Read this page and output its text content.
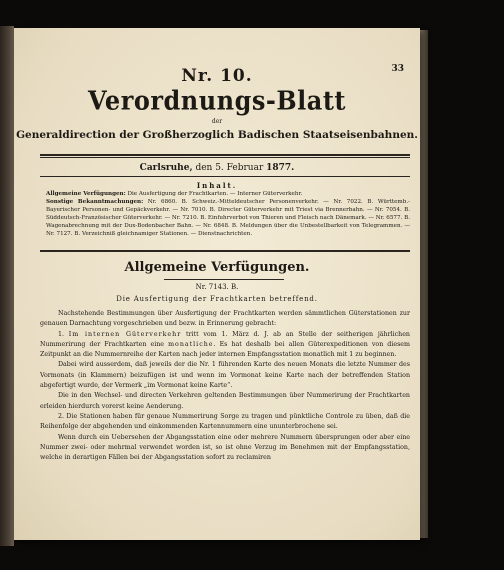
33
Nr. 10.
Verordnungs-Blatt
der
Generaldirection der Großherzoglich Badischen Staatseisenbahnen.
Carlsruhe, den 5. Februar 1877.
Inhalt.
Allgemeine Verfügungen: Die Ausfertigung der Frachtkarten. — Interner Güterverkehr.
Sonstige Bekanntmachungen: Nr. 6860. B. Schweiz.-Mitteldeutscher Personenverkehr. — Nr. 7022. B. Württemb.-Bayerischer Personen- und Gepäckverkehr. — Nr. 7010. B. Directer Güterverkehr mit Triest via Brennerbahn. — Nr. 7054. B. Süddeutsch-Französischer Güterverkehr. — Nr. 7210. B. Einfuhrverbot von Thieren und Fleisch nach Dänemark. — Nr. 6577. B. Wagenabrechnung mit der Dux-Bodenbacher Bahn. — Nr. 6848. B. Meldungen über die Unbestellbarkeit von Telegrammen. — Nr. 7127. B. Verzeichniß gleichnamiger Stationen. — Dienstnachrichten.
Allgemeine Verfügungen.
Nr. 7143. B.
Die Ausfertigung der Frachtkarten betreffend.

Nachstehende Bestimmungen über Ausfertigung der Frachtkarten werden sämmtlichen Güterstationen zur genauen Darnachtung vorgeschrieben und bezw. in Erinnerung gebracht:

1. Im internen Güterverkehr tritt vom 1. März d. J. ab an Stelle der seitherigen jährlichen Nummerirung der Frachtkarten eine monatliche. Es hat deshalb bei allen Güterexpeditionen von diesem Zeitpunkt an die Nummernreihe der Karten nach jeder internen Empfangsstation monatlich mit 1 zu beginnen.

Dabei wird ausserdem, daß jeweils der die Nr. 1 führenden Karte des neuen Monats die letzte Nummer des Vormonats (in Klammern) beizufügen ist und wenn im Vormonat keine Karte nach der betreffenden Station abgefertigt wurde, der Vermerk „im Vormonat keine Karte“.

Die in den Wechsel- und directen Verkehren geltenden Bestimmungen über Nummerirung der Frachtkarten erleiden hierdurch vorerst keine Aenderung.

2. Die Stationen haben für genaue Nummerirung Sorge zu tragen und pünktliche Controle zu üben, daß die Reihenfolge der abgehenden und einkommenden Kartennummern eine ununterbrochene sei.

Wenn durch ein Uebersehen der Abgangsstation eine oder mehrere Nummern übersprungen oder aber eine Nummer zwei- oder mehrmal verwendet worden ist, so ist ohne Verzug im Benehmen mit der Empfangsstation, welche in derartigen Fällen bei der Abgangsstation sofort zu reclamiren
